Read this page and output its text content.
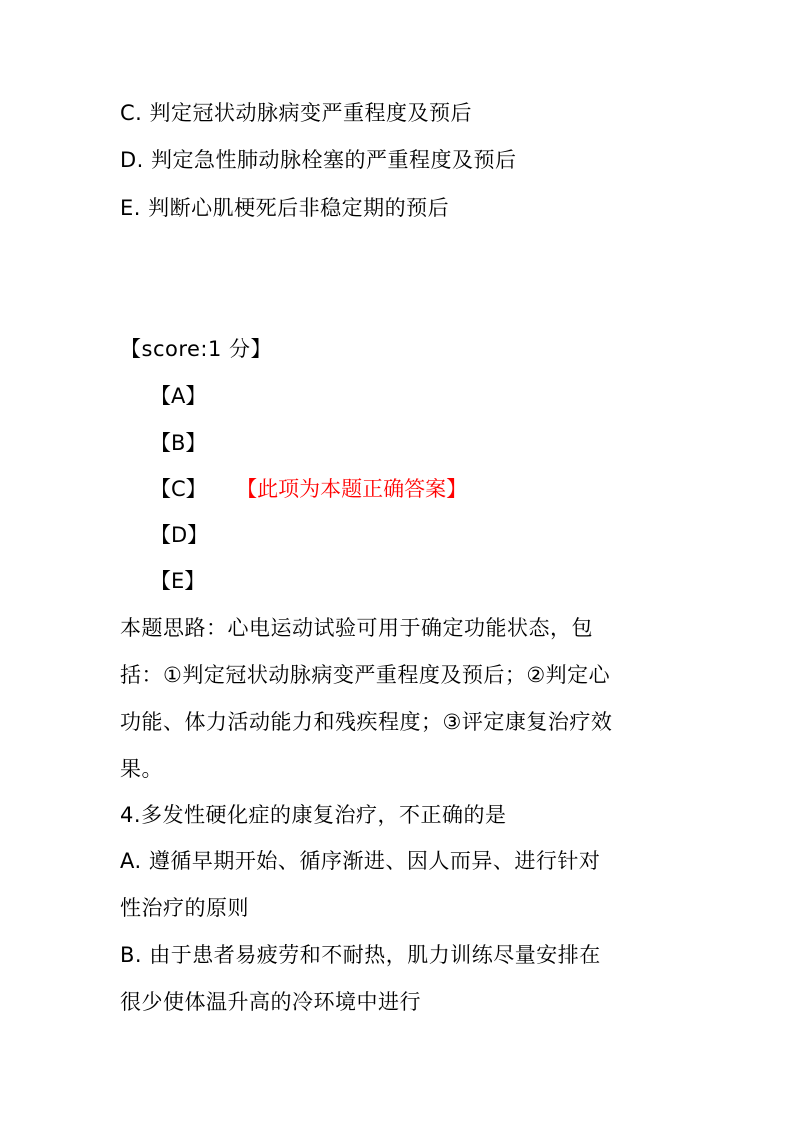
C. 判定冠状动脉病变严重程度及预后
D. 判定急性肺动脉栓塞的严重程度及预后
E. 判断心肌梗死后非稳定期的预后
【score:1 分】
【A】
【B】
【C】 【此项为本题正确答案】
【D】
【E】
本题思路：心电运动试验可用于确定功能状态，包
括：①判定冠状动脉病变严重程度及预后；②判定心
功能、体力活动能力和残疾程度；③评定康复治疗效
果。
4.多发性硬化症的康复治疗，不正确的是
A. 遵循早期开始、循序渐进、因人而异、进行针对
性治疗的原则
B. 由于患者易疲劳和不耐热，肌力训练尽量安排在
很少使体温升高的冷环境中进行
